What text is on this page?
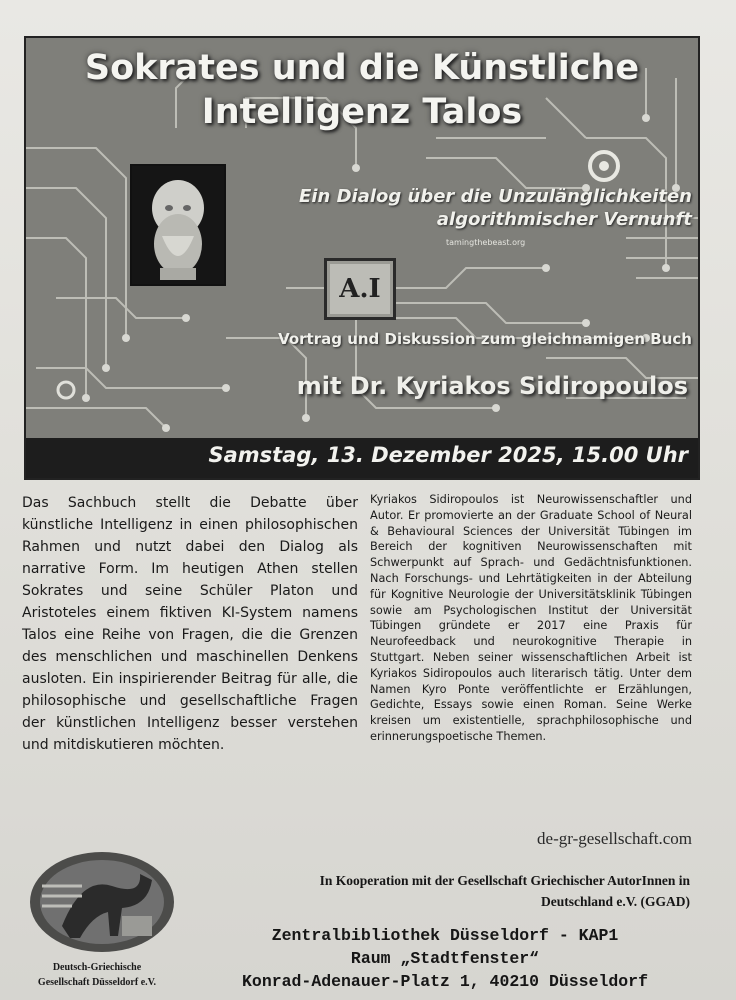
Sokrates und die Künstliche
Intelligenz Talos
Ein Dialog über die Unzulänglichkeiten
algorithmischer Vernunft
tamingthebeast.org
A.I
Vortrag und Diskussion zum gleichnamigen Buch
mit Dr. Kyriakos Sidiropoulos
Samstag, 13. Dezember 2025, 15.00 Uhr
Das Sachbuch stellt die Debatte über künstliche Intelligenz in einen philosophischen Rahmen und nutzt dabei den Dialog als narrative Form. Im heutigen Athen stellen Sokrates und seine Schüler Platon und Aristoteles einem fiktiven KI-System namens Talos eine Reihe von Fragen, die die Grenzen des menschlichen und maschinellen Denkens ausloten. Ein inspirierender Beitrag für alle, die philosophische und gesellschaftliche Fragen der künstlichen Intelligenz besser verstehen und mitdiskutieren möchten.
Kyriakos Sidiropoulos ist Neurowissenschaftler und Autor. Er promovierte an der Graduate School of Neural & Behavioural Sciences der Universität Tübingen im Bereich der kognitiven Neurowissenschaften mit Schwerpunkt auf Sprach- und Gedächtnisfunktionen. Nach Forschungs- und Lehrtätigkeiten in der Abteilung für Kognitive Neurologie der Universitätsklinik Tübingen sowie am Psychologischen Institut der Universität Tübingen gründete er 2017 eine Praxis für Neurofeedback und neurokognitive Therapie in Stuttgart. Neben seiner wissenschaftlichen Arbeit ist Kyriakos Sidiropoulos auch literarisch tätig. Unter dem Namen Kyro Ponte veröffentlichte er Erzählungen, Gedichte, Essays sowie einen Roman. Seine Werke kreisen um existentielle, sprachphilosophische und erinnerungspoetische Themen.
de-gr-gesellschaft.com
In Kooperation mit der Gesellschaft Griechischer AutorInnen in
Deutschland e.V. (GGAD)
Deutsch-Griechische
Gesellschaft Düsseldorf e.V.
Zentralbibliothek Düsseldorf - KAP1
Raum „Stadtfenster“
Konrad-Adenauer-Platz 1, 40210 Düsseldorf
